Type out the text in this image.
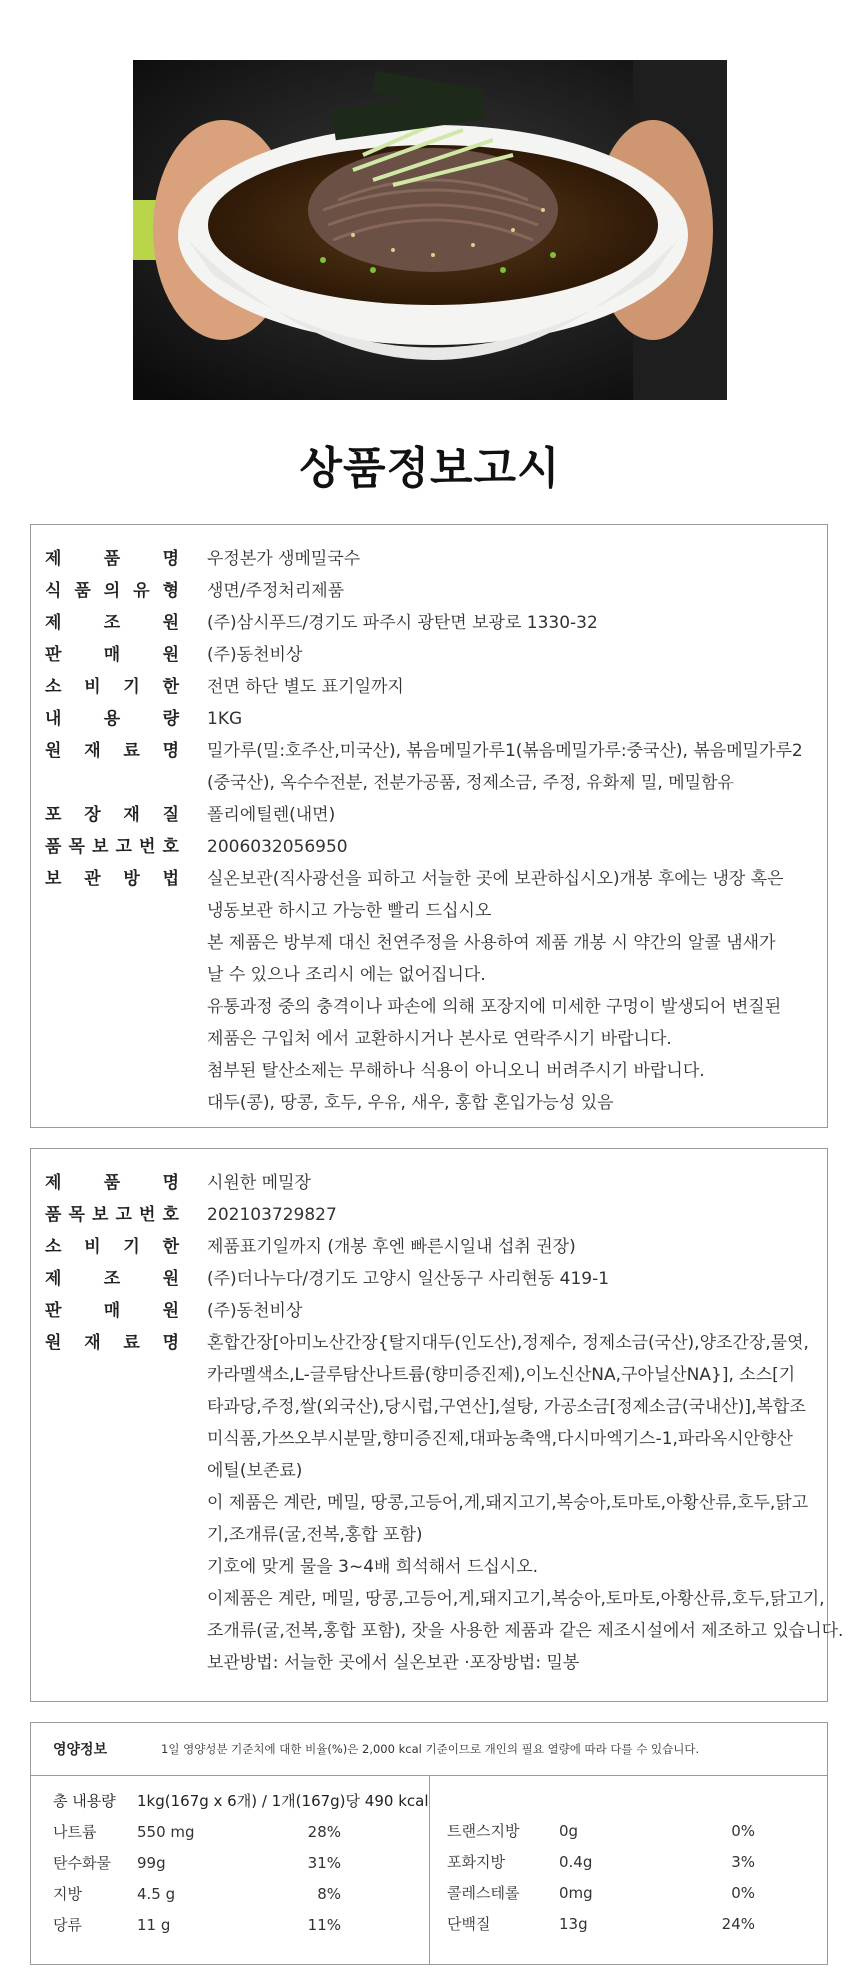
상품정보고시
제 품 명 우정본가 생메밀국수
식 품 의 유 형 생면/주정처리제품
제 조 원 (주)삼시푸드/경기도 파주시 광탄면 보광로 1330-32
판 매 원 (주)동천비상
소 비 기 한 전면 하단 별도 표기일까지
내 용 량 1KG
원 재 료 명 밀가루(밀:호주산,미국산), 볶음메밀가루1(볶음메밀가루:중국산), 볶음메밀가루2
(중국산), 옥수수전분, 전분가공품, 정제소금, 주정, 유화제 밀, 메밀함유
포 장 재 질 폴리에틸렌(내면)
품 목 보 고 번 호 2006032056950
보 관 방 법 실온보관(직사광선을 피하고 서늘한 곳에 보관하십시오)개봉 후에는 냉장 혹은
냉동보관 하시고 가능한 빨리 드십시오
본 제품은 방부제 대신 천연주정을 사용하여 제품 개봉 시 약간의 알콜 냄새가
날 수 있으나 조리시 에는 없어집니다.
유통과정 중의 충격이나 파손에 의해 포장지에 미세한 구멍이 발생되어 변질된
제품은 구입처 에서 교환하시거나 본사로 연락주시기 바랍니다.
첨부된 탈산소제는 무해하나 식용이 아니오니 버려주시기 바랍니다.
대두(콩), 땅콩, 호두, 우유, 새우, 홍합 혼입가능성 있음
제 품 명 시원한 메밀장
품 목 보 고 번 호 202103729827
소 비 기 한 제품표기일까지 (개봉 후엔 빠른시일내 섭취 권장)
제 조 원 (주)더나누다/경기도 고양시 일산동구 사리현동 419-1
판 매 원 (주)동천비상
원 재 료 명 혼합간장[아미노산간장{탈지대두(인도산),정제수, 정제소금(국산),양조간장,물엿,
카라멜색소,L-글루탐산나트륨(향미증진제),이노신산NA,구아닐산NA}], 소스[기
타과당,주정,쌀(외국산),당시럽,구연산],설탕, 가공소금[정제소금(국내산)],복합조
미식품,가쓰오부시분말,향미증진제,대파농축액,다시마엑기스-1,파라옥시안향산
에틸(보존료)
이 제품은 계란, 메밀, 땅콩,고등어,게,돼지고기,복숭아,토마토,아황산류,호두,닭고
기,조개류(굴,전복,홍합 포함)
기호에 맞게 물을 3~4배 희석해서 드십시오.
이제품은 계란, 메밀, 땅콩,고등어,게,돼지고기,복숭아,토마토,아황산류,호두,닭고기,
조개류(굴,전복,홍합 포함), 잣을 사용한 제품과 같은 제조시설에서 제조하고 있습니다.
보관방법: 서늘한 곳에서 실온보관 ·포장방법: 밀봉
영양정보	1일 영양성분 기준치에 대한 비율(%)은 2,000 kcal 기준이므로 개인의 필요 열량에 따라 다를 수 있습니다.
총 내용량 1kg(167g x 6개) / 1개(167g)당 490 kcal
나트륨	550 mg	28%
탄수화물 99g	31%
지방	4.5 g	8%
당류	11 g	11%
트랜스지방	0g	0%
포화지방	0.4g	3%
콜레스테롤	0mg	0%
단백질	13g	24%
